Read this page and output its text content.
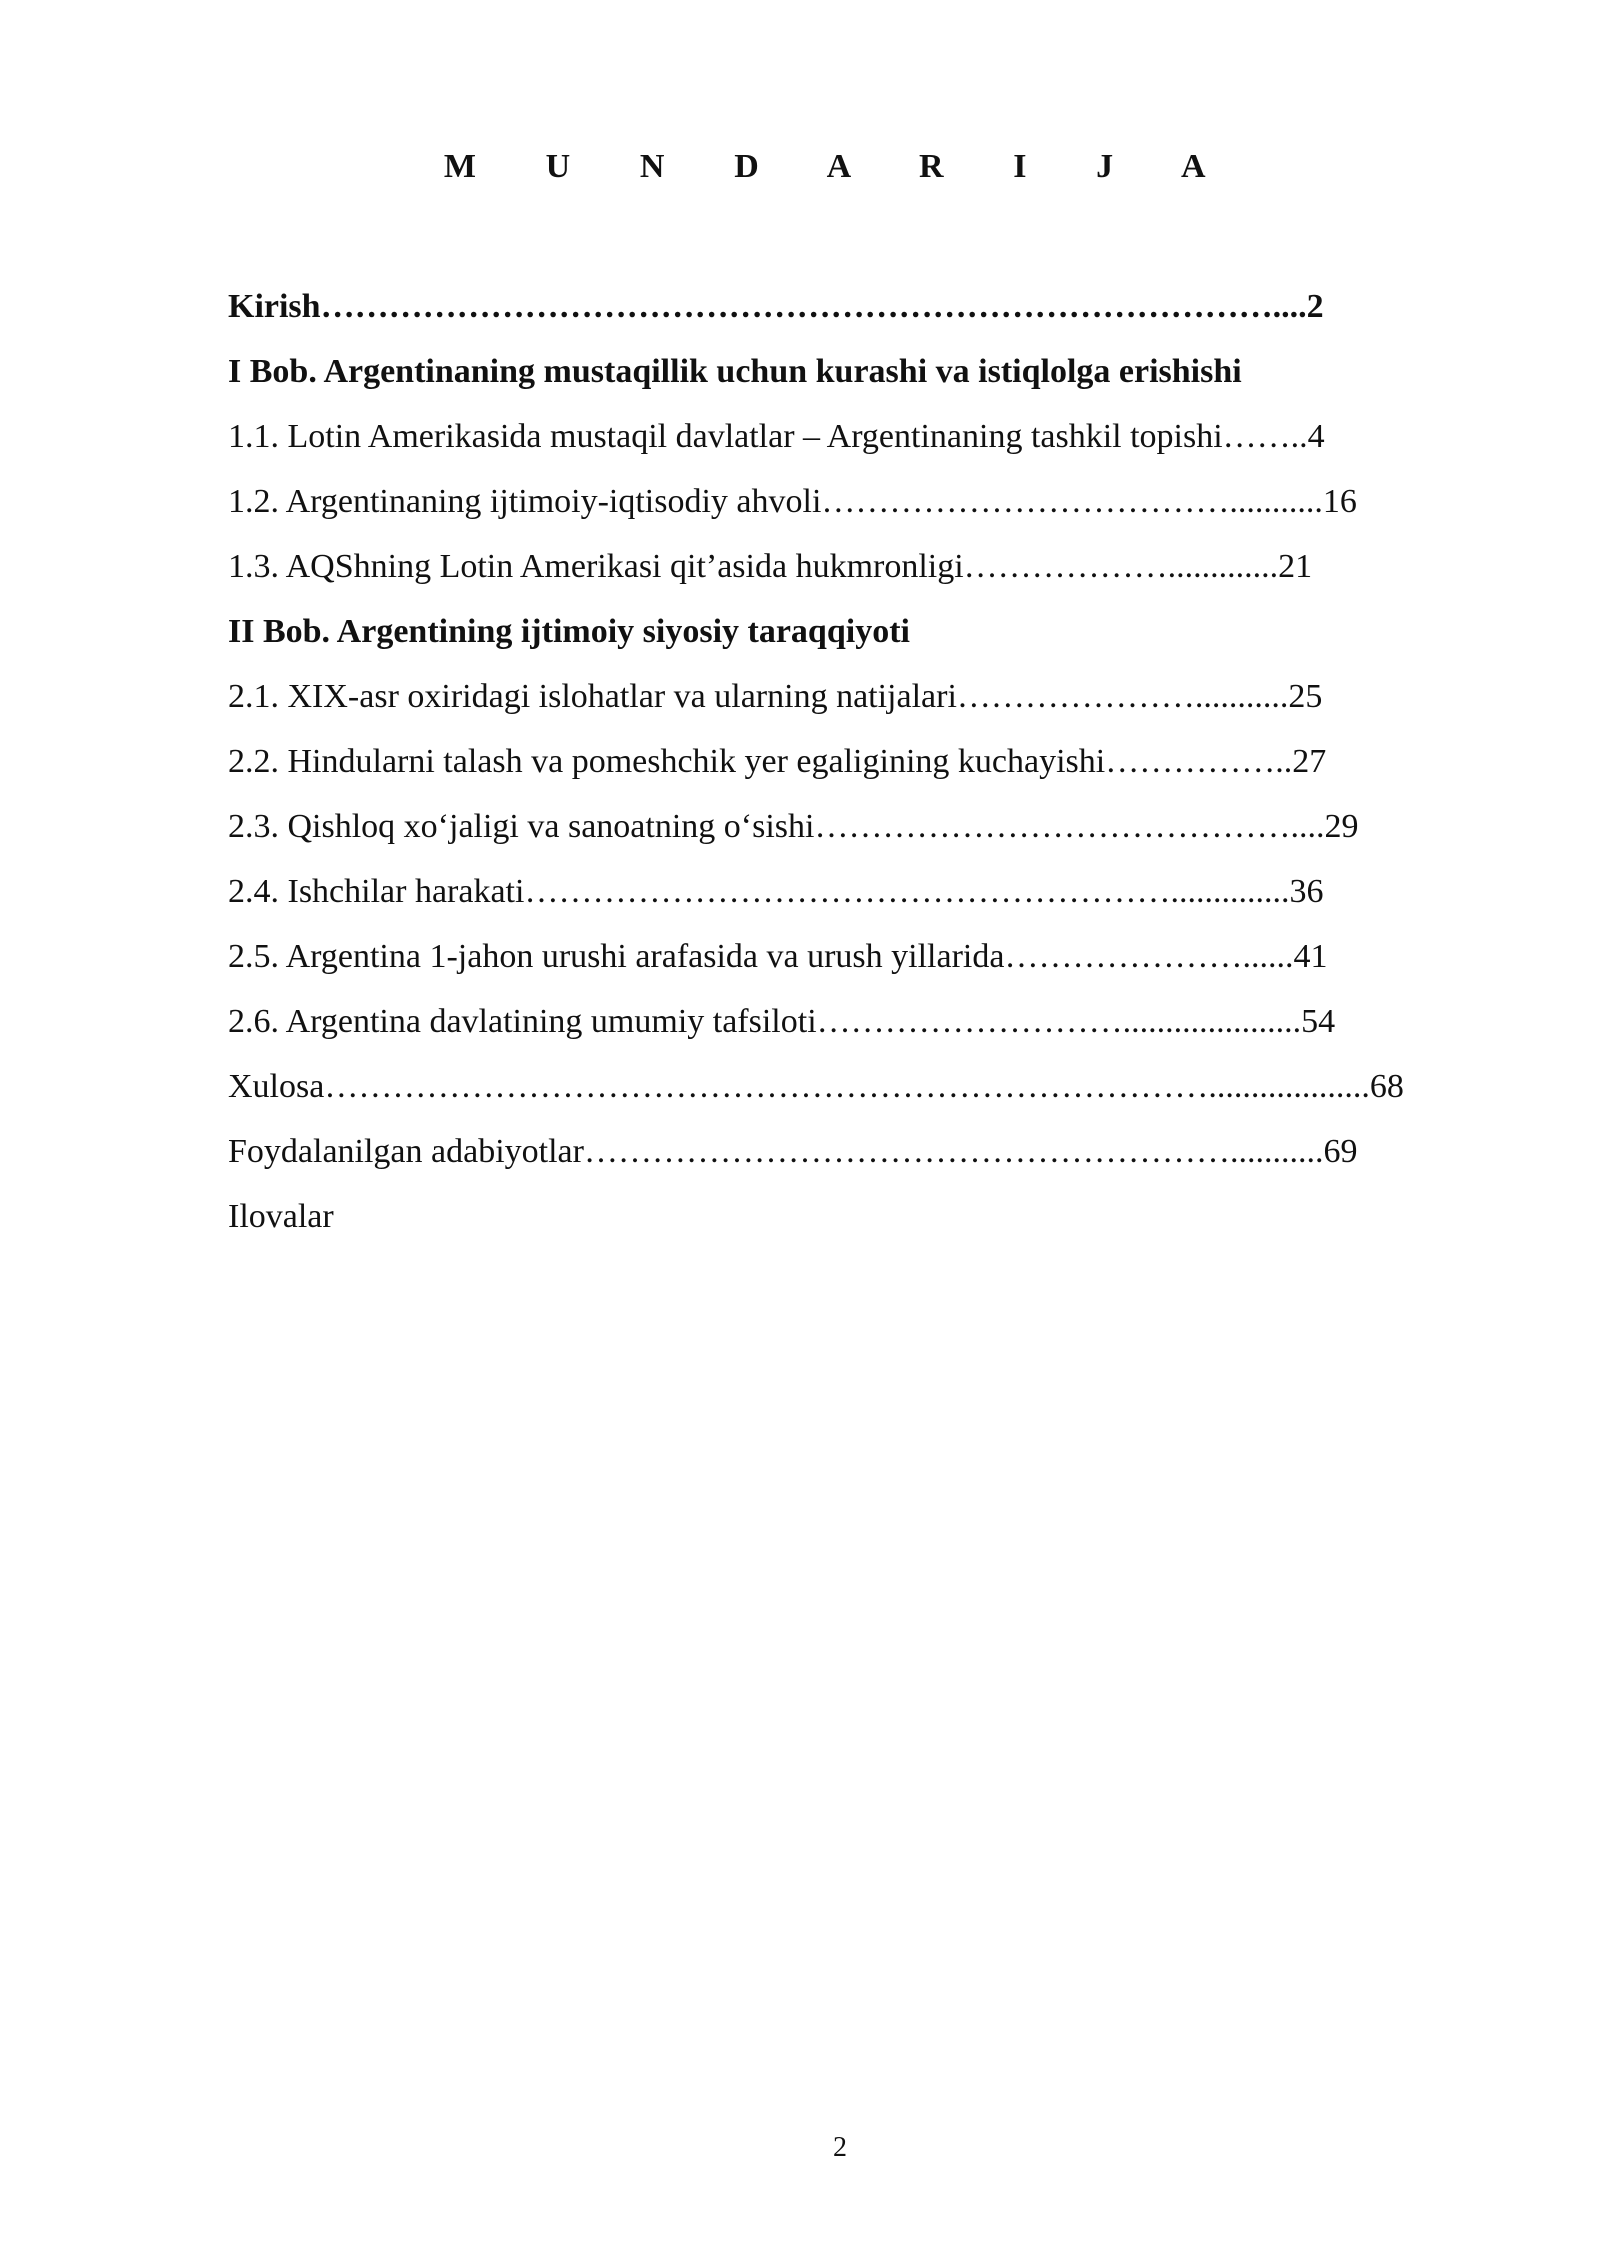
M U N D A R I J A
Kirish…………………………………………………………………………....2
I Bob. Argentinaning mustaqillik uchun kurashi va istiqlolga erishishi
1.1. Lotin Amerikasida mustaqil davlatlar – Argentinaning tashkil topishi……..4
1.2. Argentinaning ijtimoiy-iqtisodiy ahvoli………………………………...........16
1.3. AQShning Lotin Amerikasi qit’asida hukmronligi……………….............21
II Bob. Argentining ijtimoiy siyosiy taraqqiyoti
2.1. XIX-asr oxiridagi islohatlar va ularning natijalari…………………...........25
2.2. Hindularni talash va pomeshchik yer egaligining kuchayishi……………..27
2.3. Qishloq xo‘jaligi va sanoatning o‘sishi……………………………………....29
2.4. Ishchilar harakati…………………………………………………..............36
2.5. Argentina 1-jahon urushi arafasida va urush yillarida…………………......41
2.6. Argentina davlatining umumiy tafsiloti……………………….....................54
Xulosa……………………………………………………………………...................68
Foydalanilgan adabiyotlar…………………………………………………...........69
Ilovalar
2
